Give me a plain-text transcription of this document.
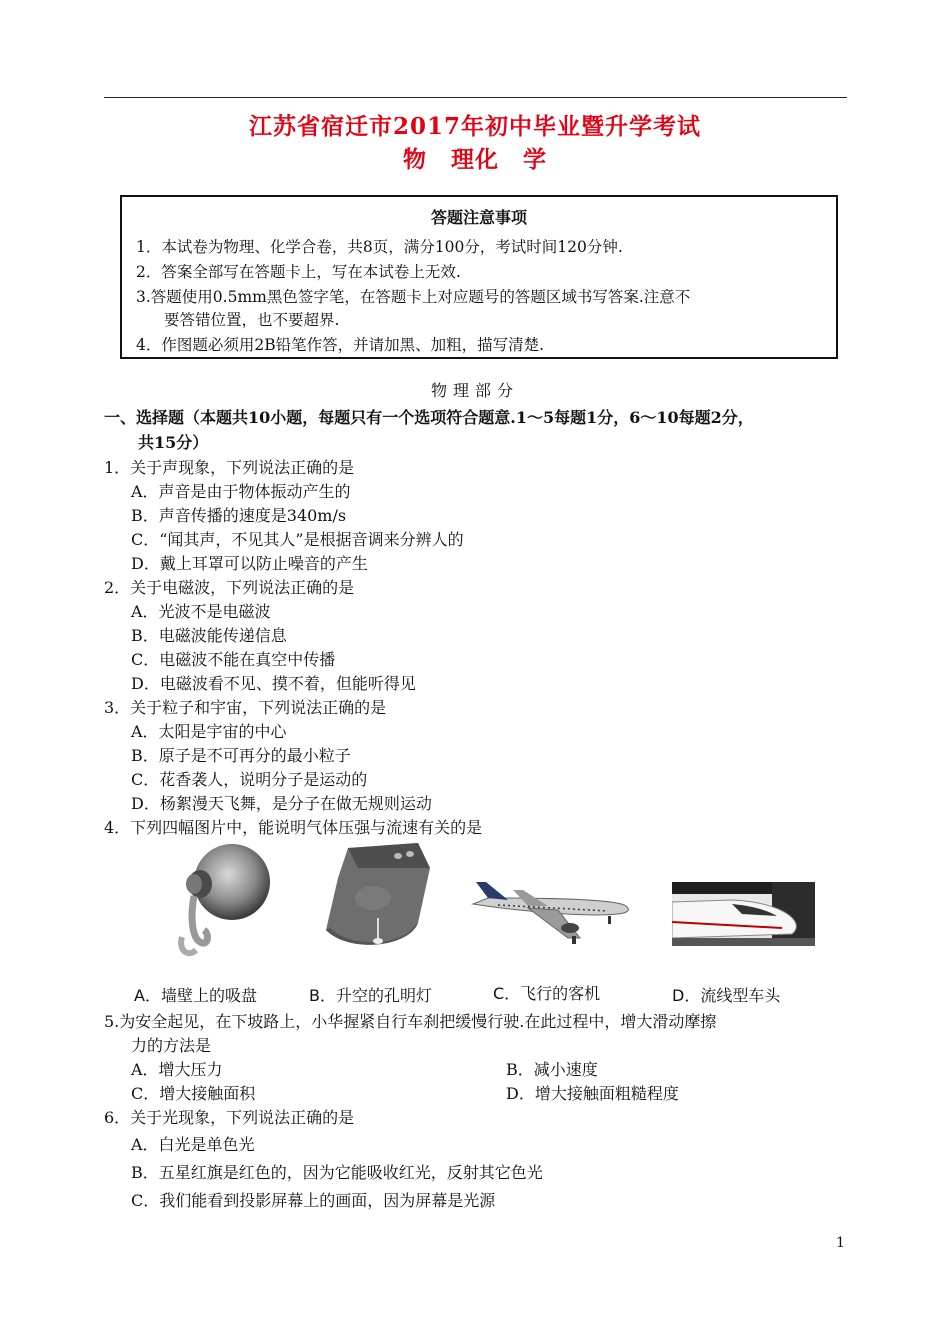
江苏省宿迁市2017年初中毕业暨升学考试
物　理化　学
答题注意事项
1．本试卷为物理、化学合卷，共8页，满分100分，考试时间120分钟.
2．答案全部写在答题卡上，写在本试卷上无效.
3.答题使用0.5mm黑色签字笔，在答题卡上对应题号的答题区域书写答案.注意不
要答错位置，也不要超界.
4．作图题必须用2B铅笔作答，并请加黑、加粗，描写清楚.
物理部分
一、选择题（本题共10小题，每题只有一个选项符合题意.1～5每题1分，6～10每题2分，
共15分）
1．关于声现象，下列说法正确的是
A．声音是由于物体振动产生的
B．声音传播的速度是340m/s
C．“闻其声，不见其人”是根据音调来分辨人的
D．戴上耳罩可以防止噪音的产生
2．关于电磁波，下列说法正确的是
A．光波不是电磁波
B．电磁波能传递信息
C．电磁波不能在真空中传播
D．电磁波看不见、摸不着，但能听得见
3．关于粒子和宇宙，下列说法正确的是
A．太阳是宇宙的中心
B．原子是不可再分的最小粒子
C．花香袭人，说明分子是运动的
D．杨絮漫天飞舞，是分子在做无规则运动
4．下列四幅图片中，能说明气体压强与流速有关的是
A．墙壁上的吸盘	B．升空的孔明灯	C．飞行的客机	D．流线型车头
5.为安全起见，在下坡路上，小华握紧自行车刹把缓慢行驶.在此过程中，增大滑动摩擦
力的方法是
A．增大压力	B．减小速度
C．增大接触面积	D．增大接触面粗糙程度
6．关于光现象，下列说法正确的是
A．白光是单色光
B．五星红旗是红色的，因为它能吸收红光，反射其它色光
C．我们能看到投影屏幕上的画面，因为屏幕是光源
1
